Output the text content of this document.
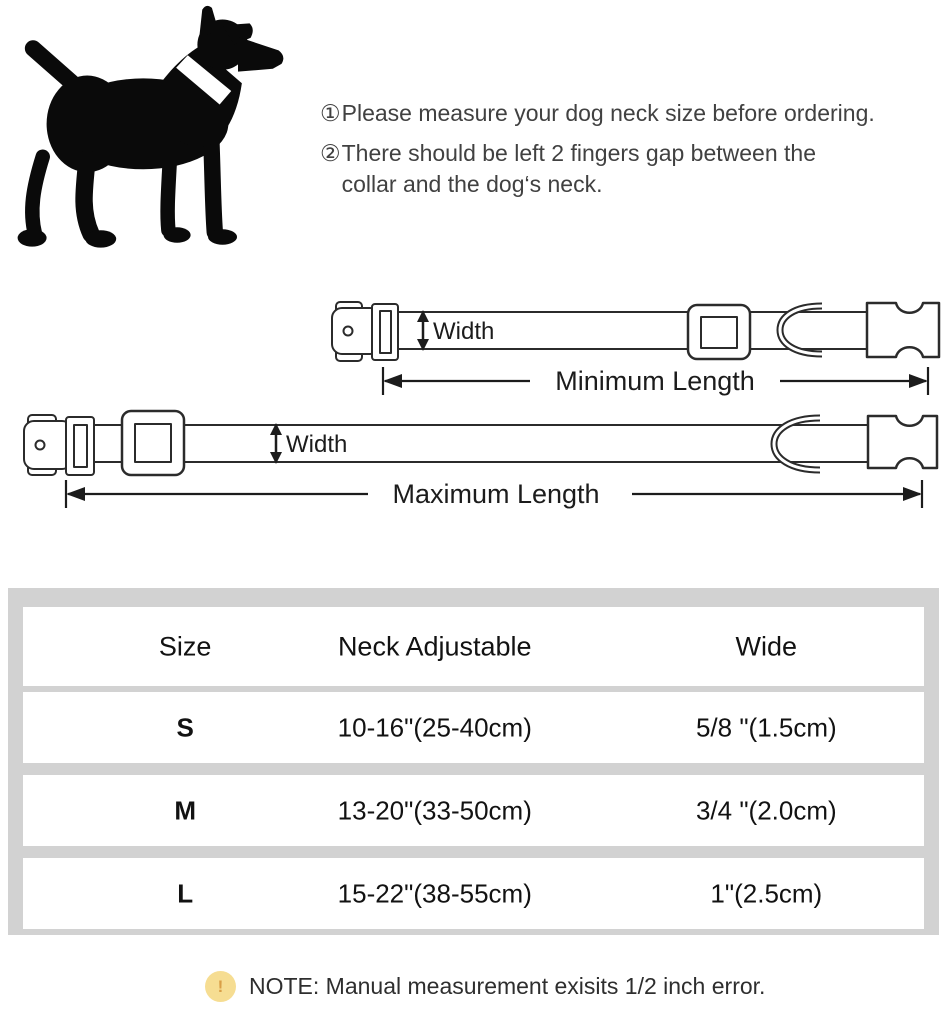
① Please measure your dog neck size before ordering.
② There should be left 2 fingers gap between the
collar and the dog‘s neck.
Width
Minimum Length
Width
Maximum Length
Size	Neck Adjustable	Wide
S	10-16"(25-40cm)	5/8 "(1.5cm)
M	13-20"(33-50cm)	3/4 "(2.0cm)
L	15-22"(38-55cm)	1"(2.5cm)
!	NOTE: Manual measurement exisits 1/2 inch error.
